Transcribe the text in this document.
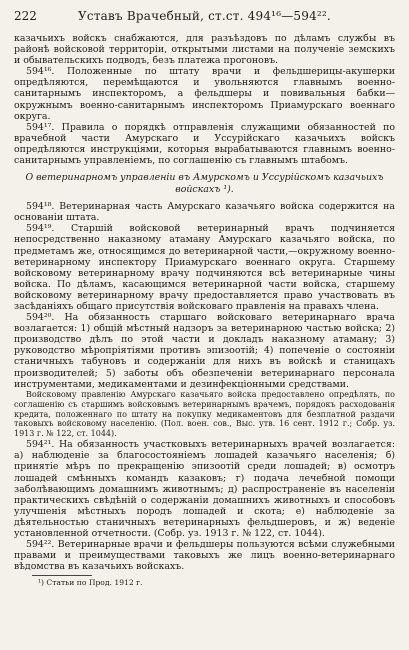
222	Уставъ Врачебный, ст.ст. 494¹⁶—594²².

казачьихъ войскъ снабжаются, для разъѣздовъ по дѣламъ службы въ районѣ войсковой территоріи, открытыми листами на полученіе земскихъ и обывательскихъ подводъ, безъ платежа прогоновъ.

594¹⁶. Положенные по штату врачи и фельдшерицы-акушерки опредѣляются, перемѣщаются и увольняются главнымъ военно-санитарнымъ инспекторомъ, а фельдшеры и повивальныя бабки—окружнымъ военно-санитарнымъ инспекторомъ Приамурскаго военнаго округа.

594¹⁷. Правила о порядкѣ отправленія служащими обязанностей по врачебной части Амурскаго и Уссурійскаго казачьихъ войскъ опредѣляются инструкціями, которыя вырабатываются главнымъ военно-санитарнымъ управленіемъ, по соглашенію съ главнымъ штабомъ.

О ветеринарномъ управленіи въ Амурскомъ и Уссурійскомъ казачьихъ войскахъ ¹).

594¹⁸. Ветеринарная часть Амурскаго казачьяго войска содержится на основаніи штата.

594¹⁹. Старшій войсковой ветеринарный врачъ подчиняется непосредственно наказному атаману Амурскаго казачьяго войска, по предметамъ же, относящимся до ветеринарной части,—окружному военно-ветеринарному инспектору Приамурскаго военнаго округа. Старшему войсковому ветеринарному врачу подчиняются всѣ ветеринарные чины войска. По дѣламъ, касающимся ветеринарной части войска, старшему войсковому ветеринарному врачу предоставляется право участвовать въ засѣданіяхъ общаго присутствія войсковаго правленія на правахъ члена.

594²⁰. На обязанность старшаго войсковаго ветеринарнаго врача возлагается: 1) общій мѣстный надзоръ за ветеринарною частью войска; 2) производство дѣлъ по этой части и докладъ наказному атаману; 3) руководство мѣропріятіями противъ эпизоотій; 4) попеченіе о состояніи станичныхъ табуновъ и содержаніи для нихъ въ войскѣ и станицахъ производителей; 5) заботы объ обезпеченіи ветеринарнаго персонала инструментами, медикаментами и дезинфекціонными средствами.

Войсковому правленію Амурскаго казачьяго войска предоставлено опредѣлять, по соглашенію съ старшимъ войсковымъ ветеринарнымъ врачемъ, порядокъ расходованія кредита, положеннаго по штату на покупку медикаментовъ для безплатной раздачи таковыхъ войсковому населенію. (Пол. воен. сов., Выс. утв. 16 сент. 1912 г.; Собр. уз. 1913 г. № 122, ст. 1044).

594²¹. На обязанность участковыхъ ветеринарныхъ врачей возлагается: а) наблюденіе за благосостояніемъ лошадей казачьяго населенія; б) принятіе мѣръ по прекращенію эпизоотій среди лошадей; в) осмотръ лошадей смѣнныхъ командъ казаковъ; г) подача лечебной помощи заболѣвающимъ домашнимъ животнымъ; д) распространеніе въ населеніи практическихъ свѣдѣній о содержаніи домашнихъ животныхъ и способовъ улучшенія мѣстныхъ породъ лошадей и скота; е) наблюденіе за дѣятельностью станичныхъ ветеринарныхъ фельдшеровъ, и ж) веденіе установленной отчетности. (Собр. уз. 1913 г. № 122, ст. 1044).

594²². Ветеринарные врачи и фельдшеры пользуются всѣми служебными правами и преимуществами таковыхъ же лицъ военно-ветеринарнаго вѣдомства въ казачьихъ войскахъ.

¹) Статьи по Прод. 1912 г.
